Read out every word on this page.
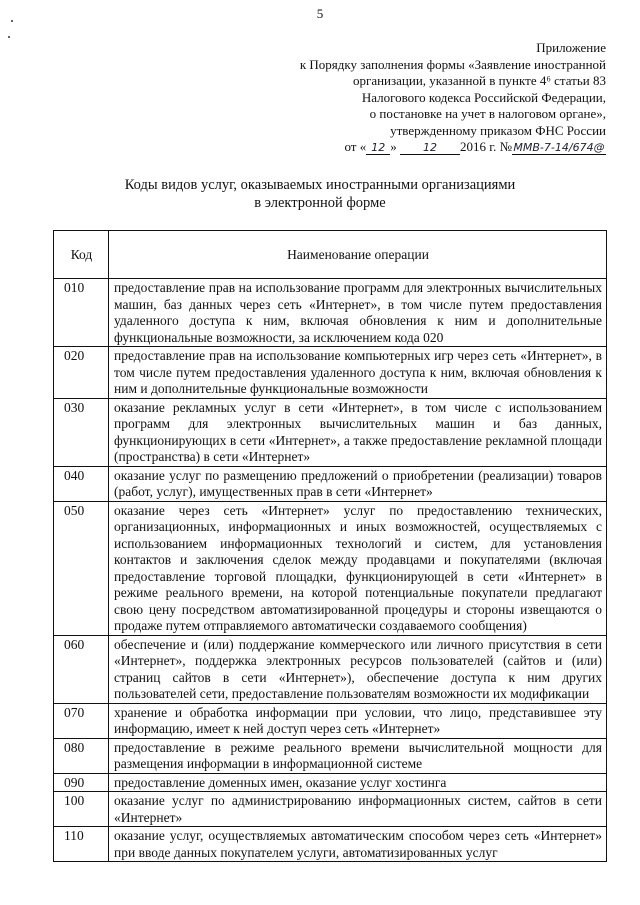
5
Приложение
к Порядку заполнения формы «Заявление иностранной
организации, указанной в пункте 4⁶ статьи 83
Налогового кодекса Российской Федерации,
о постановке на учет в налоговом органе»,
утвержденному приказом ФНС России
от « 12 » 12 2016 г. №ММВ-7-14/674@
Коды видов услуг, оказываемых иностранными организациями
в электронной форме
Код	Наименование операции
010	предоставление прав на использование программ для электронных вычислительных машин, баз данных через сеть «Интернет», в том числе путем предоставления удаленного доступа к ним, включая обновления к ним и дополнительные функциональные возможности, за исключением кода 020
020	предоставление прав на использование компьютерных игр через сеть «Интернет», в том числе путем предоставления удаленного доступа к ним, включая обновления к ним и дополнительные функциональные возможности
030	оказание рекламных услуг в сети «Интернет», в том числе с использованием программ для электронных вычислительных машин и баз данных, функционирующих в сети «Интернет», а также предоставление рекламной площади (пространства) в сети «Интернет»
040	оказание услуг по размещению предложений о приобретении (реализации) товаров (работ, услуг), имущественных прав в сети «Интернет»
050	оказание через сеть «Интернет» услуг по предоставлению технических, организационных, информационных и иных возможностей, осуществляемых с использованием информационных технологий и систем, для установления контактов и заключения сделок между продавцами и покупателями (включая предоставление торговой площадки, функционирующей в сети «Интернет» в режиме реального времени, на которой потенциальные покупатели предлагают свою цену посредством автоматизированной процедуры и стороны извещаются о продаже путем отправляемого автоматически создаваемого сообщения)
060	обеспечение и (или) поддержание коммерческого или личного присутствия в сети «Интернет», поддержка электронных ресурсов пользователей (сайтов и (или) страниц сайтов в сети «Интернет»), обеспечение доступа к ним других пользователей сети, предоставление пользователям возможности их модификации
070	хранение и обработка информации при условии, что лицо, представившее эту информацию, имеет к ней доступ через сеть «Интернет»
080	предоставление в режиме реального времени вычислительной мощности для размещения информации в информационной системе
090	предоставление доменных имен, оказание услуг хостинга
100	оказание услуг по администрированию информационных систем, сайтов в сети «Интернет»
110	оказание услуг, осуществляемых автоматическим способом через сеть «Интернет» при вводе данных покупателем услуги, автоматизированных услуг
